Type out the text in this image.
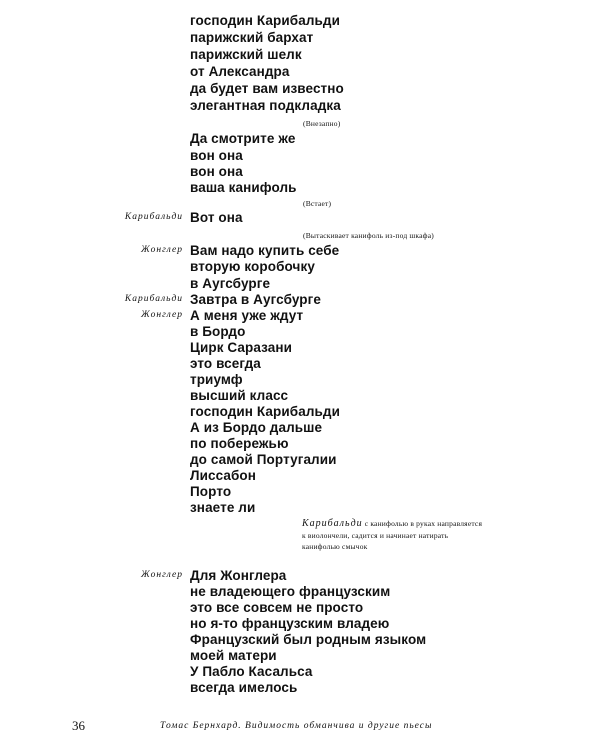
господин Карибальди
парижский бархат
парижский шелк
от Александра
да будет вам известно
элегантная подкладка
(Внезапно)
Да смотрите же
вон она
вон она
ваша канифоль
(Встает)
Карибальди Вот она
(Вытаскивает канифоль из-под шкафа)
Жонглер Вам надо купить себе
вторую коробочку
в Аугсбурге
Карибальди Завтра в Аугсбурге
Жонглер А меня уже ждут
в Бордо
Цирк Саразани
это всегда
триумф
высший класс
господин Карибальди
А из Бордо дальше
по побережью
до самой Португалии
Лиссабон
Порто
знаете ли
Карибальди с канифолью в руках направляется
к виолончели, садится и начинает натирать
канифолью смычок
Жонглер Для Жонглера
не владеющего французским
это все совсем не просто
но я-то французским владею
Французский был родным языком
моей матери
У Пабло Касальса
всегда имелось
36	Томас Бернхард. Видимость обманчива и другие пьесы
